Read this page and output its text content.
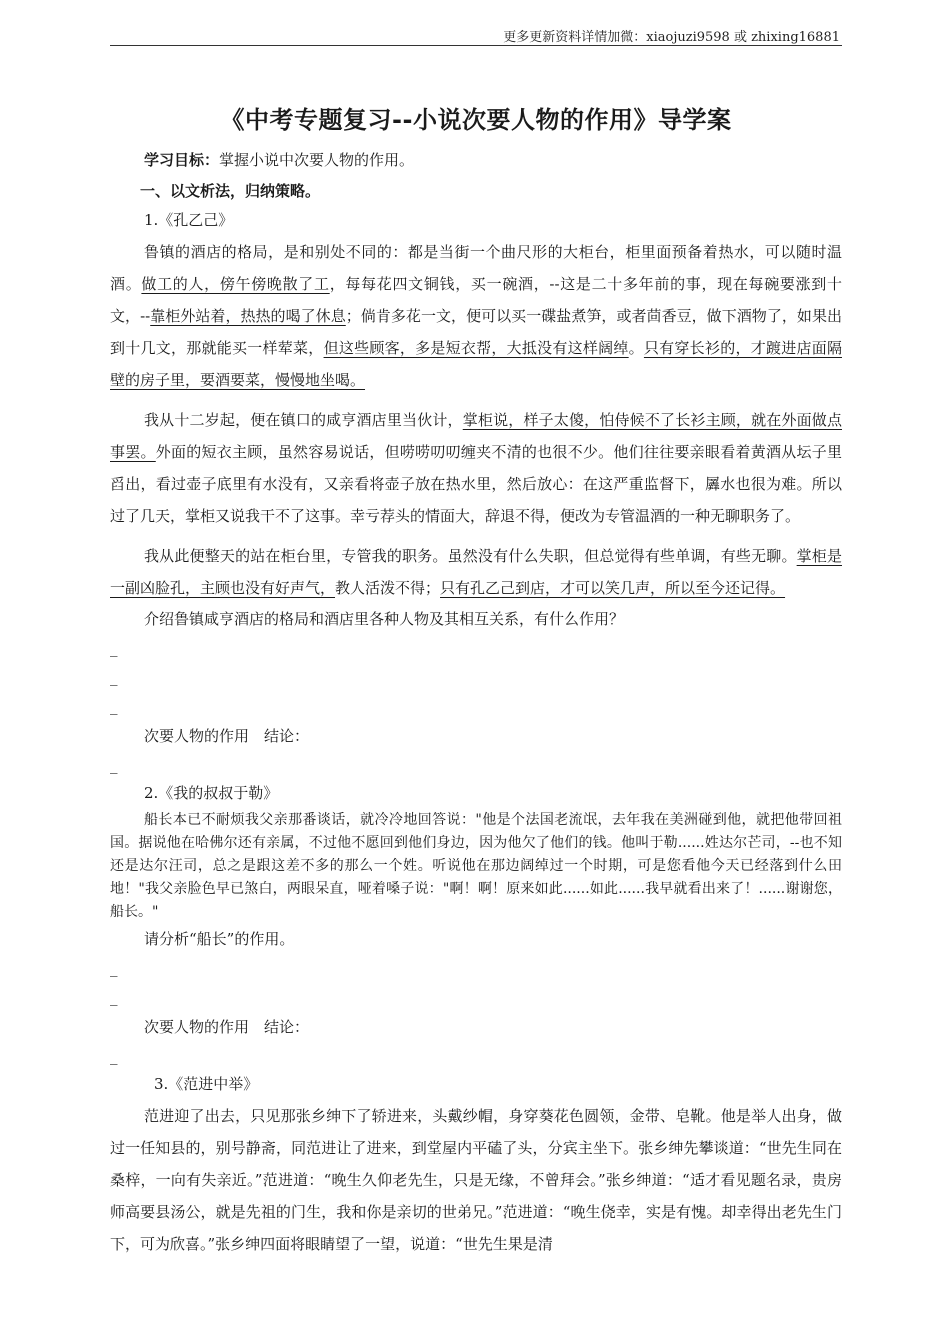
更多更新资料详情加微：xiaojuzi9598 或 zhixing16881
《中考专题复习--小说次要人物的作用》导学案

学习目标：掌握小说中次要人物的作用。

一、以文析法，归纳策略。

1.《孔乙己》

鲁镇的酒店的格局，是和别处不同的：都是当街一个曲尺形的大柜台，柜里面预备着热水，可以随时温酒。做工的人，傍午傍晚散了工，每每花四文铜钱，买一碗酒，--这是二十多年前的事，现在每碗要涨到十文，--靠柜外站着，热热的喝了休息；倘肯多花一文，便可以买一碟盐煮笋，或者茴香豆，做下酒物了，如果出到十几文，那就能买一样荤菜，但这些顾客，多是短衣帮，大抵没有这样阔绰。只有穿长衫的，才踱进店面隔壁的房子里，要酒要菜，慢慢地坐喝。

我从十二岁起，便在镇口的咸亨酒店里当伙计，掌柜说，样子太傻，怕侍候不了长衫主顾，就在外面做点事罢。外面的短衣主顾，虽然容易说话，但唠唠叨叨缠夹不清的也很不少。他们往往要亲眼看着黄酒从坛子里舀出，看过壶子底里有水没有，又亲看将壶子放在热水里，然后放心：在这严重监督下，羼水也很为难。所以过了几天，掌柜又说我干不了这事。幸亏荐头的情面大，辞退不得，便改为专管温酒的一种无聊职务了。

我从此便整天的站在柜台里，专管我的职务。虽然没有什么失职，但总觉得有些单调，有些无聊。掌柜是一副凶脸孔，主顾也没有好声气，教人活泼不得；只有孔乙己到店，才可以笑几声，所以至今还记得。

介绍鲁镇咸亨酒店的格局和酒店里各种人物及其相互关系，有什么作用？

_

_

_

次要人物的作用　结论：

_

2.《我的叔叔于勒》

船长本已不耐烦我父亲那番谈话，就冷冷地回答说："他是个法国老流氓，去年我在美洲碰到他，就把他带回祖国。据说他在哈佛尔还有亲属，不过他不愿回到他们身边，因为他欠了他们的钱。他叫于勒......姓达尔芒司，--也不知还是达尔汪司，总之是跟这差不多的那么一个姓。听说他在那边阔绰过一个时期，可是您看他今天已经落到什么田地！"我父亲脸色早已煞白，两眼呆直，哑着嗓子说："啊！啊！原来如此......如此......我早就看出来了！......谢谢您，船长。"

请分析“船长”的作用。

_

_

次要人物的作用　结论：

_

3.《范进中举》

范进迎了出去，只见那张乡绅下了轿进来，头戴纱帽，身穿葵花色圆领，金带、皂靴。他是举人出身，做过一任知县的，别号静斋，同范进让了进来，到堂屋内平磕了头，分宾主坐下。张乡绅先攀谈道：“世先生同在桑梓，一向有失亲近。”范进道：“晚生久仰老先生，只是无缘，不曾拜会。”张乡绅道：“适才看见题名录，贵房师高要县汤公，就是先祖的门生，我和你是亲切的世弟兄。”范进道：“晚生侥幸，实是有愧。却幸得出老先生门下，可为欣喜。”张乡绅四面将眼睛望了一望，说道：“世先生果是清
